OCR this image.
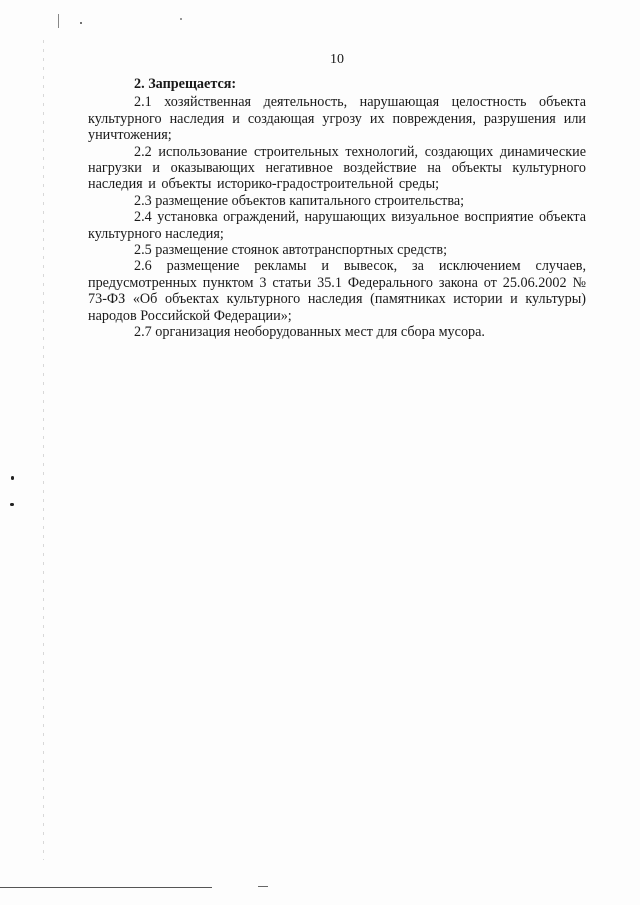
10

2. Запрещается:

2.1 хозяйственная деятельность, нарушающая целостность объекта культурного наследия и создающая угрозу их повреждения, разрушения или уничтожения;

2.2 использование строительных технологий, создающих динамические нагрузки и оказывающих негативное воздействие на объекты культурного наследия и объекты историко-градостроительной среды;

2.3 размещение объектов капитального строительства;

2.4 установка ограждений, нарушающих визуальное восприятие объекта культурного наследия;

2.5 размещение стоянок автотранспортных средств;

2.6 размещение рекламы и вывесок, за исключением случаев, предусмотренных пунктом 3 статьи 35.1 Федерального закона от 25.06.2002 № 73-ФЗ «Об объектах культурного наследия (памятниках истории и культуры) народов Российской Федерации»;

2.7 организация необорудованных мест для сбора мусора.
